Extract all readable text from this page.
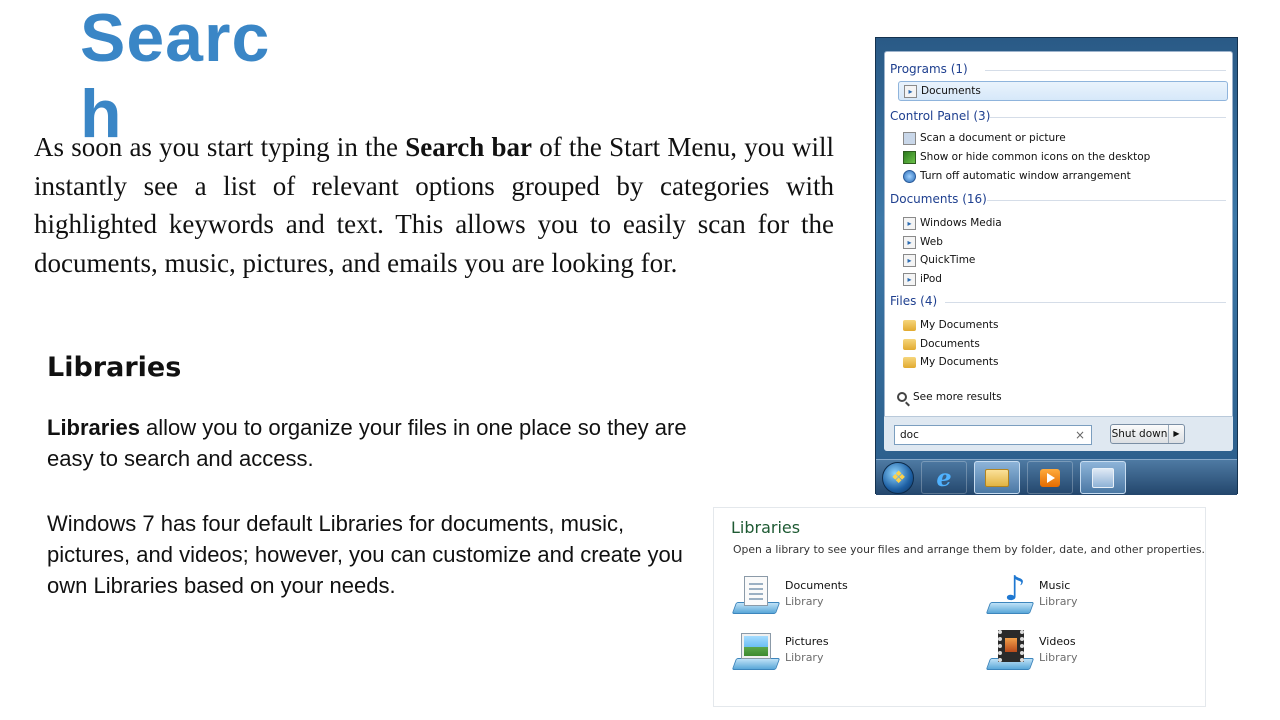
Search
As soon as you start typing in the Search bar of the Start Menu, you will instantly see a list of relevant options grouped by categories with highlighted keywords and text. This allows you to easily scan for the documents, music, pictures, and emails you are looking for.
Libraries
Libraries allow you to organize your files in one place so they are easy to search and access.
Windows 7 has four default Libraries for documents, music, pictures, and videos; however, you can customize and create you own Libraries based on your needs.
Programs (1)
▸ Documents
Control Panel (3)
Scan a document or picture
Show or hide common icons on the desktop
Turn off automatic window arrangement
Documents (16)
▸ Windows Media
▸ Web
▸ QuickTime
▸ iPod
Files (4)
My Documents
Documents
My Documents
See more results
doc	×	Shut down ▶
❖
e
Libraries
Open a library to see your files and arrange them by folder, date, and other properties.
Documents
Library	♪ Music
Library
Pictures
Library
Videos
Library
